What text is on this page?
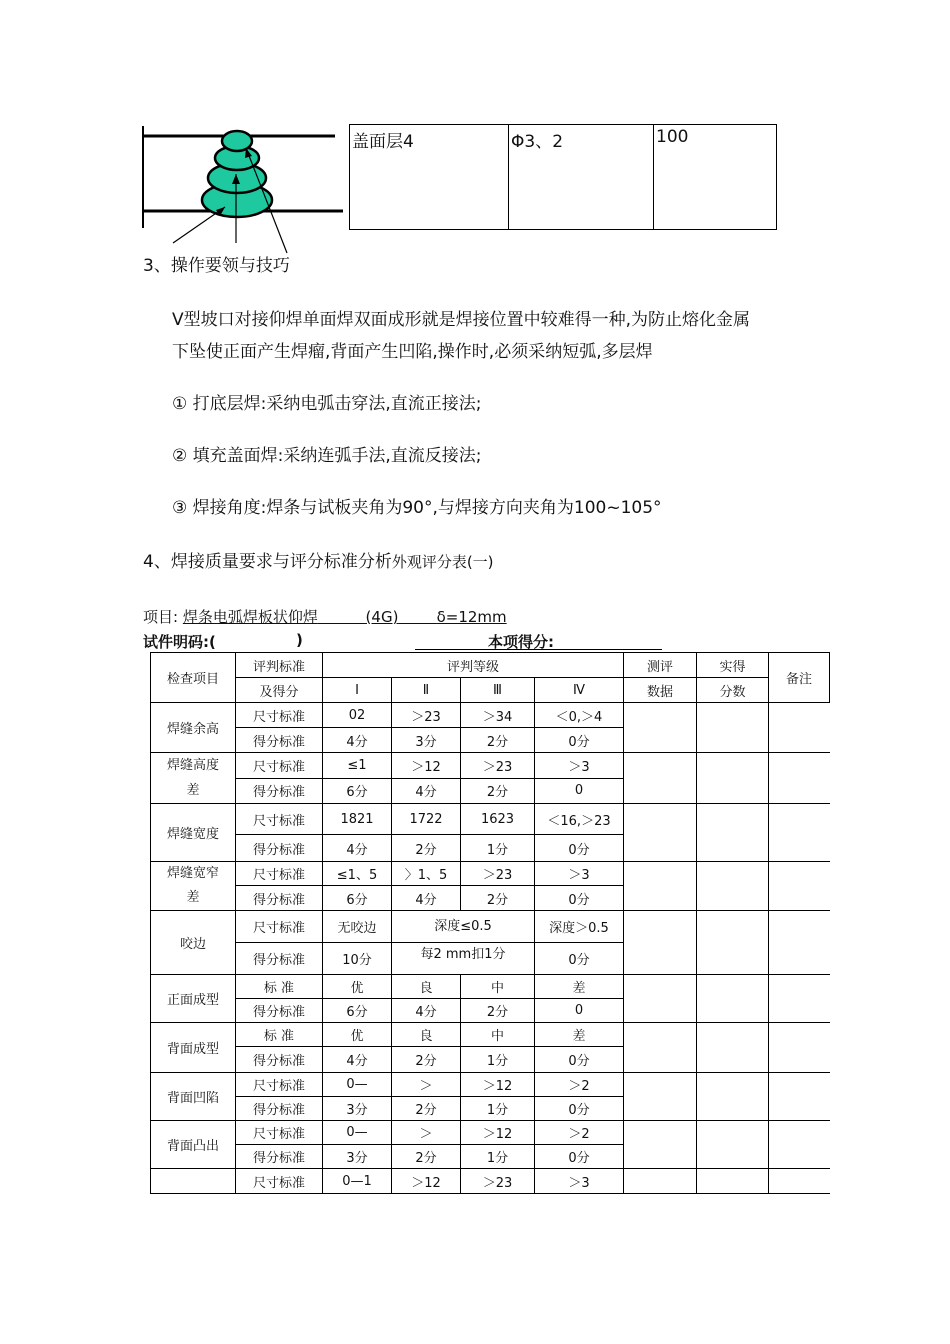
盖面层4	Φ3、2	100
3、操作要领与技巧
V型坡口对接仰焊单面焊双面成形就是焊接位置中较难得一种,为防止熔化金属
下坠使正面产生焊瘤,背面产生凹陷,操作时,必须采纳短弧,多层焊
① 打底层焊:采纳电弧击穿法,直流正接法;
② 填充盖面焊:采纳连弧手法,直流反接法;
③ 焊接角度:焊条与试板夹角为90°,与焊接方向夹角为100~105°
4、焊接质量要求与评分标准分析外观评分表(一)
项目: 焊条电弧焊板状仰焊	(4G)	δ=12mm
试件明码:(	)	本项得分:
检查项目	评判标准	评判等级				测评	实得	备注
	及得分	Ⅰ	Ⅱ	Ⅲ	Ⅳ	数据	分数	
焊缝余高	尺寸标准	02	＞23	＞34	＜0,＞4			
	得分标准	4分	3分	2分	0分			
焊缝高度
差	尺寸标准	≤1	＞12	＞23	＞3			
	得分标准	6分	4分	2分	0			
焊缝宽度	尺寸标准	1821	1722	1623	＜16,＞23			
	得分标准	4分	2分	1分	0分			
焊缝宽窄
差	尺寸标准	≤1、5	〉1、5	＞23	＞3			
	得分标准	6分	4分	2分	0分			
咬边	尺寸标准	无咬边	深度≤0.5		深度＞0.5			
	得分标准	10分	每2 mm扣1分		0分			
正面成型	标 准	优	良	中	差			
	得分标准	6分	4分	2分	0			
背面成型	标 准	优	良	中	差			
	得分标准	4分	2分	1分	0分			
背面凹陷	尺寸标准	0—	＞	＞12	＞2			
	得分标准	3分	2分	1分	0分			
背面凸出	尺寸标准	0—	＞	＞12	＞2			
	得分标准	3分	2分	1分	0分			
	尺寸标准	0—1	＞12	＞23	＞3			
